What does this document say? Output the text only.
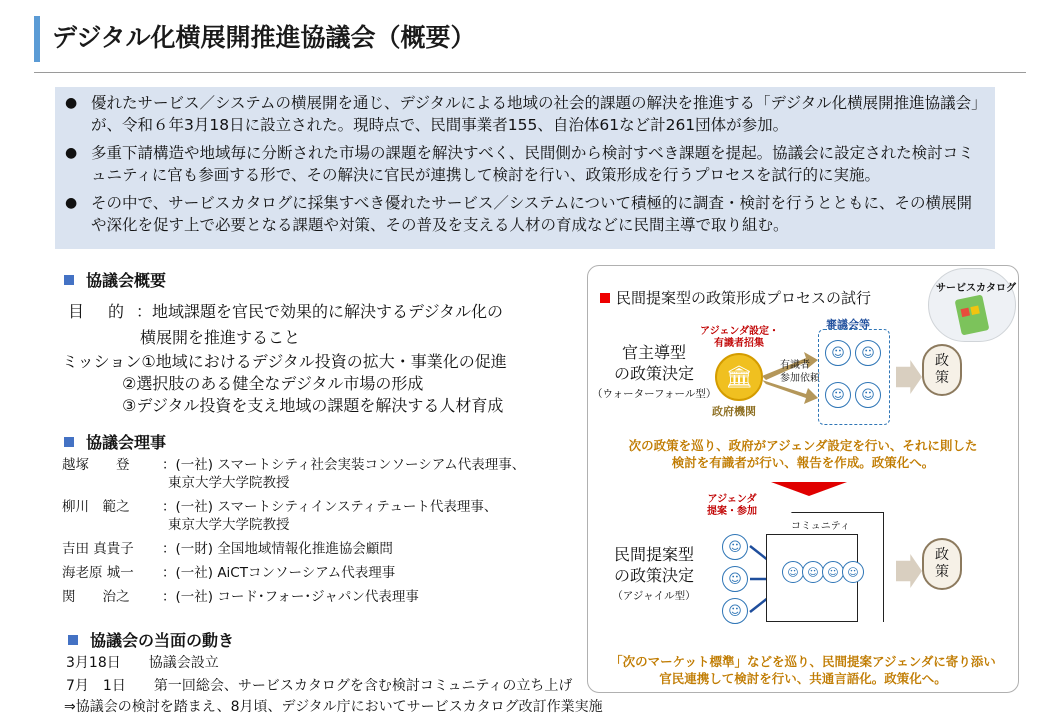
デジタル化横展開推進協議会（概要）
● 優れたサービス／システムの横展開を通じ、デジタルによる地域の社会的課題の解決を推進する「デジタル化横展開推進協議会」が、令和６年3月18日に設立された。現時点で、民間事業者155、自治体61など計261団体が参加。
● 多重下請構造や地域毎に分断された市場の課題を解決すべく、民間側から検討すべき課題を提起。協議会に設定された検討コミュニティに官も参画する形で、その解決に官民が連携して検討を行い、政策形成を行うプロセスを試行的に実施。
● その中で、サービスカタログに採集すべき優れたサービス／システムについて積極的に調査・検討を行うとともに、その横展開や深化を促す上で必要となる課題や対策、その普及を支える人材の育成などに民間主導で取り組む。
協議会概要
目　的 ：地域課題を官民で効果的に解決するデジタル化の
横展開を推進すること
ミッション①地域におけるデジタル投資の拡大・事業化の促進
②選択肢のある健全なデジタル市場の形成
③デジタル投資を支え地域の課題を解決する人材育成
協議会理事
越塚　　登 ：(一社) スマートシティ社会実装コンソーシアム代表理事、
東京大学大学院教授
柳川　範之 ：(一社) スマートシティインスティテュート代表理事、
東京大学大学院教授
吉田 真貴子 ：(一財) 全国地域情報化推進協会顧問
海老原 城一 ：(一社) AiCTコンソーシアム代表理事
関　　治之 ：(一社) コード･フォー･ジャパン代表理事
協議会の当面の動き
3月18日　　協議会設立
7月　1日　　第一回総会、サービスカタログを含む検討コミュニティの立ち上げ
⇒協議会の検討を踏まえ、8月頃、デジタル庁においてサービスカタログ改訂作業実施
サービスカタログ
民間提案型の政策形成プロセスの試行
官主導型
の政策決定
（ウォーターフォール型）
アジェンダ設定・
有識者招集
🏛
政府機関
有識者
参加依頼
審議会等
☺	☺
☺	☺
政
策
次の政策を巡り、政府がアジェンダ設定を行い、それに則した
検討を有識者が行い、報告を作成。政策化へ。
アジェンダ
提案・参加
民間提案型
の政策決定
（アジャイル型）
☺
☺
☺
コミュニティ
☺ ☺ ☺ ☺
政
策
「次のマーケット標準」などを巡り、民間提案アジェンダに寄り添い
官民連携して検討を行い、共通言語化。政策化へ。
